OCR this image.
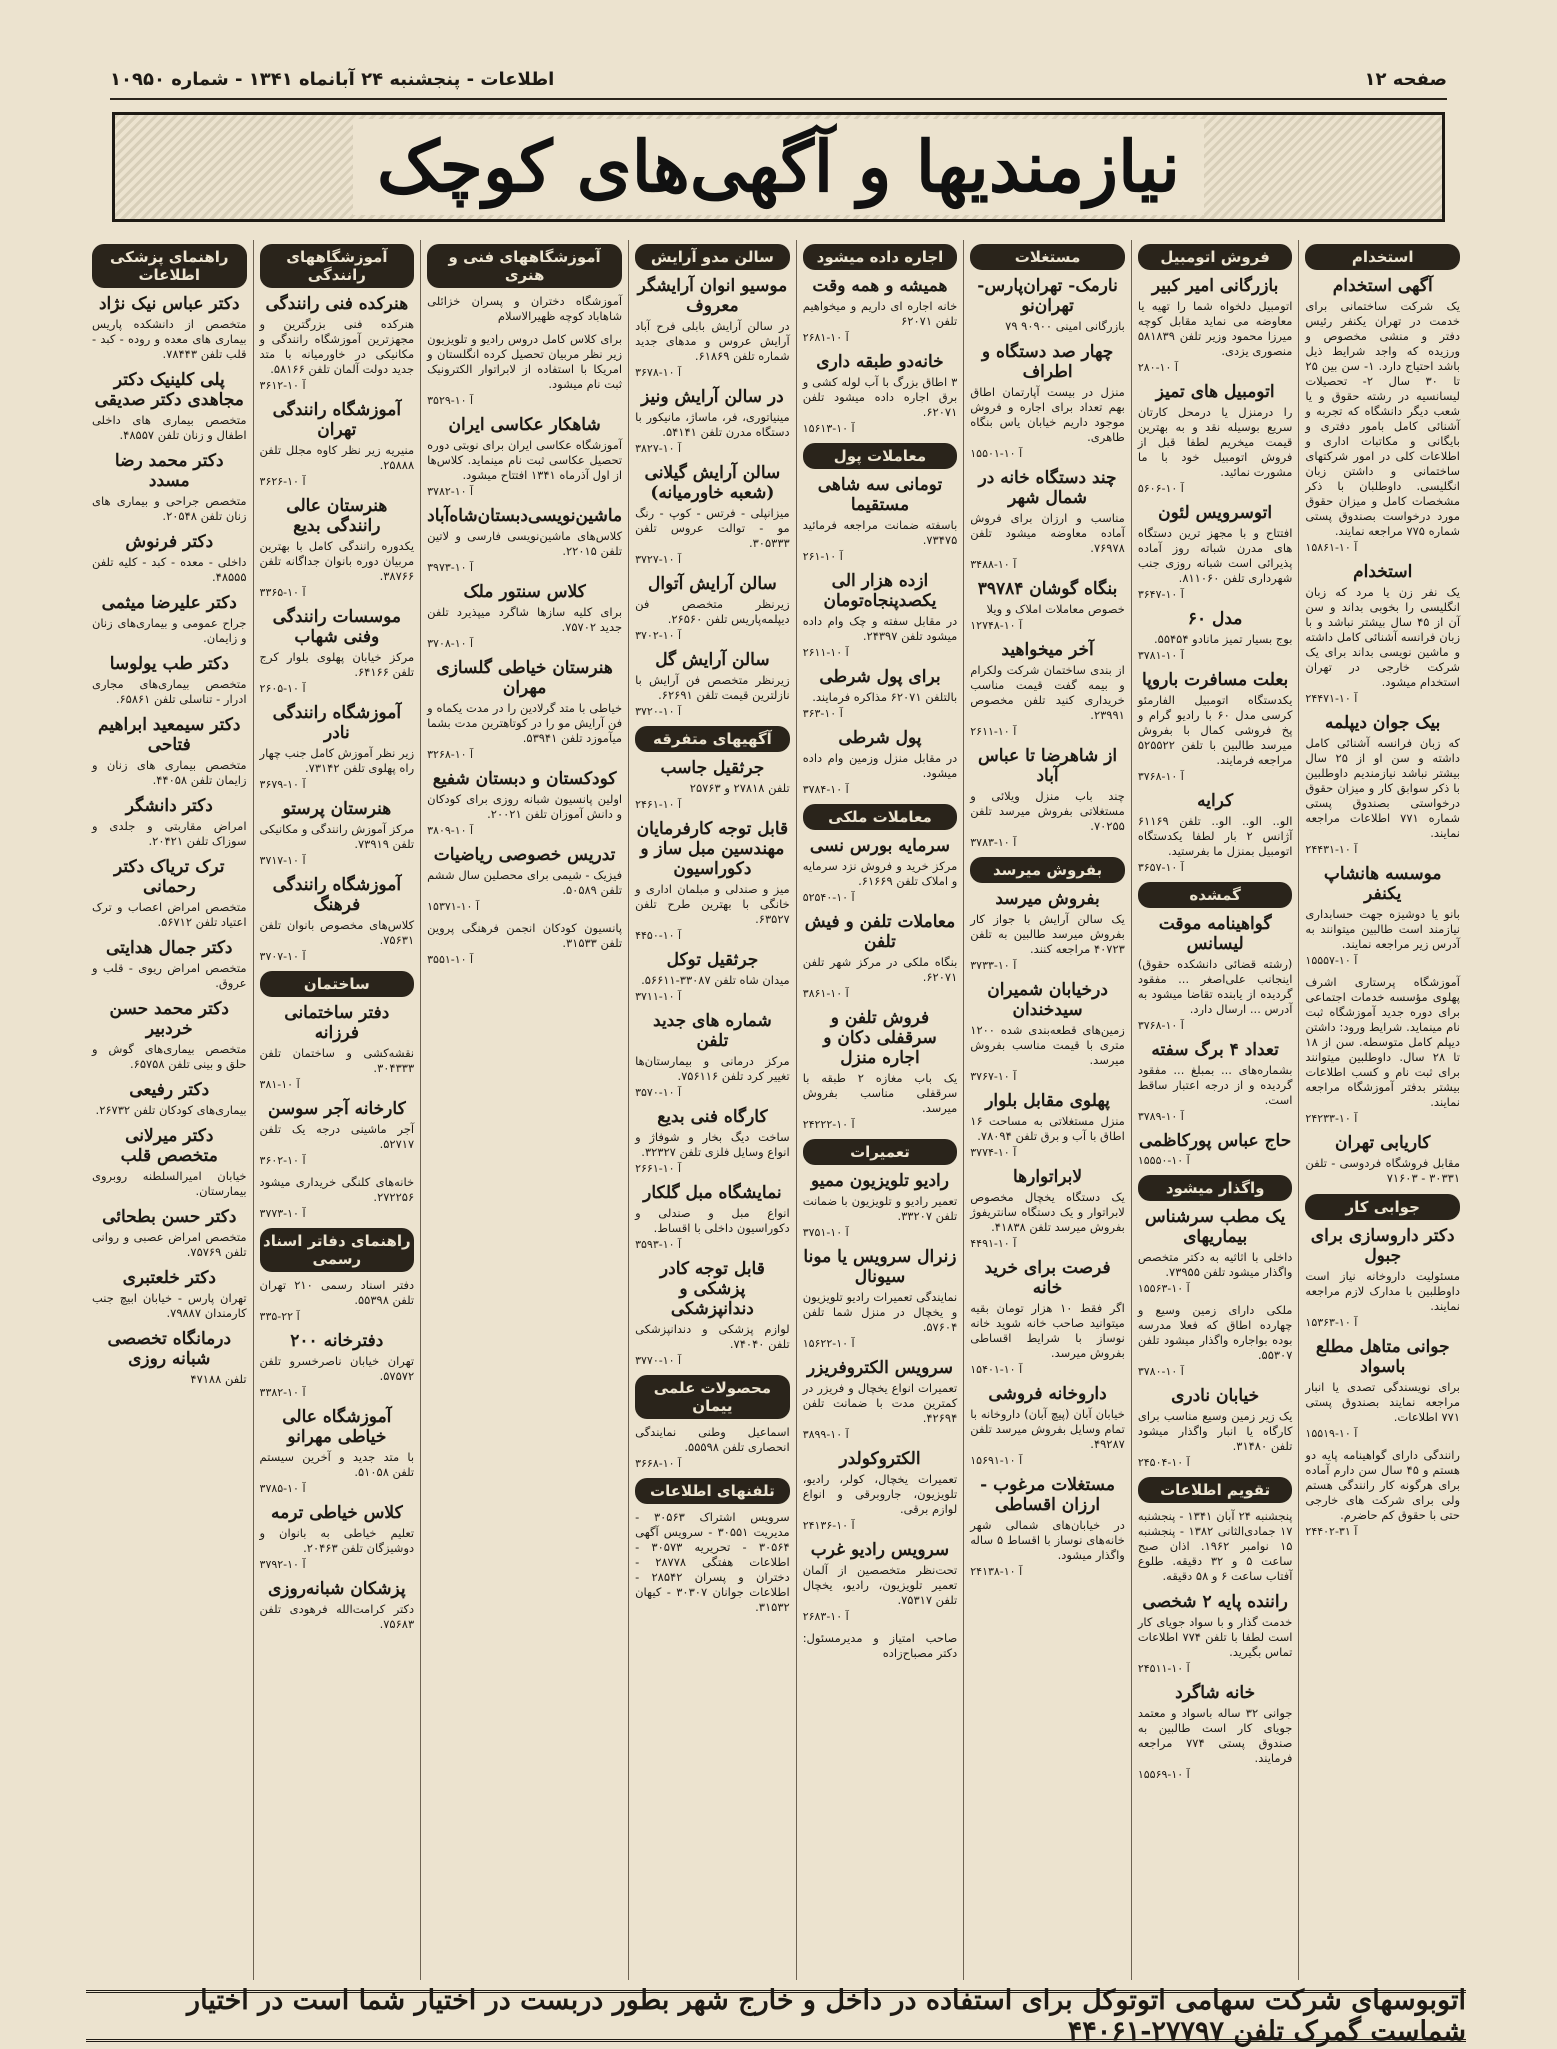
صفحه ۱۲
اطلاعات - پنجشنبه ۲۴ آبانماه ۱۳۴۱ - شماره ۱۰۹۵۰
نیازمندیها و آگهی‌های کوچک
استخدام
آگهی استخدام

یک شرکت ساختمانی برای خدمت در تهران یکنفر رئیس دفتر و منشی مخصوص و ورزیده که واجد شرایط ذیل باشد احتیاج دارد. ۱- سن بین ۲۵ تا ۳۰ سال ۲- تحصیلات لیسانسیه در رشته حقوق و یا شعب دیگر دانشگاه که تجربه و آشنائی کامل بامور دفتری و بایگانی و مکاتبات اداری و اطلاعات کلی در امور شرکتهای ساختمانی و داشتن زبان انگلیسی. داوطلبان با ذکر مشخصات کامل و میزان حقوق مورد درخواست بصندوق پستی شماره ۷۷۵ مراجعه نمایند.

۱۵۸۶۱-۱۰ آ
استخدام

یک نفر زن یا مرد که زبان انگلیسی را بخوبی بداند و سن آن از ۴۵ سال بیشتر نباشد و با زبان فرانسه آشنائی کامل داشته و ماشین نویسی بداند برای یک شرکت خارجی در تهران استخدام میشود.

۲۴۴۷۱-۱۰ آ
بیک جوان دیپلمه

که زبان فرانسه آشنائی کامل داشته و سن او از ۲۵ سال بیشتر نباشد نیازمندیم داوطلبین با ذکر سوابق کار و میزان حقوق درخواستی بصندوق پستی شماره ۷۷۱ اطلاعات مراجعه نمایند.

۲۴۴۳۱-۱۰ آ
موسسه هانشاپ یکنفر

بانو یا دوشیزه جهت حسابداری نیازمند است طالبین میتوانند به آدرس زیر مراجعه نمایند.

۱۵۵۵۷-۱۰ آ

آموزشگاه پرستاری اشرف پهلوی مؤسسه خدمات اجتماعی برای دوره جدید آموزشگاه ثبت نام مینماید. شرایط ورود: داشتن دیپلم کامل متوسطه. سن از ۱۸ تا ۲۸ سال. داوطلبین میتوانند برای ثبت نام و کسب اطلاعات بیشتر بدفتر آموزشگاه مراجعه نمایند.

۲۴۲۳۳-۱۰ آ
کاریابی تهران

مقابل فروشگاه فردوسی - تلفن ۳۰۳۳۱ - ۷۱۶۰۳

جوابی کار
دکتر داروسازی برای جبول

مسئولیت داروخانه نیاز است داوطلبین با مدارک لازم مراجعه نمایند.

۱۵۳۶۳-۱۰ آ
جوانی متاهل مطلع باسواد

برای نویسندگی تصدی یا انبار مراجعه نمایند بصندوق پستی ۷۷۱ اطلاعات.

۱۵۵۱۹-۱۰ آ

رانندگی دارای گواهینامه پایه دو هستم و ۴۵ سال سن دارم آماده برای هرگونه کار رانندگی هستم ولی برای شرکت های خارجی حتی با حقوق کم حاضرم.

۲۴۴۰۲-۳۱ آ
فروش اتومبیل
بازرگانی امیر کبیر

اتومبیل دلخواه شما را تهیه یا معاوضه می نماید مقابل کوچه میرزا محمود وزیر تلفن ۵۸۱۸۳۹ منصوری یزدی.

۲۸۰-۱۰ آ
اتومبیل های تمیز

را درمنزل یا درمحل کارتان سریع بوسیله نقد و به بهترین قیمت میخریم لطفا قبل از فروش اتومبیل خود با ما مشورت نمائید.

۵۶۰۶-۱۰ آ
اتوسرویس لئون

افتتاح و با مجهز ترین دستگاه های مدرن شباته روز آماده پذیرائی است شبانه روزی جنب شهرداری تلفن ۸۱۱۰۶۰.

۳۶۴۷-۱۰ آ
مدل ۶۰

بوج بسیار تمیز مانادو ۵۵۴۵۴.

۳۷۸۱-۱۰ آ
بعلت مسافرت باروپا

یکدستگاه اتومبیل الفارمئو کرسی مدل ۶۰ با رادیو گرام و پخ فروشی کمال با بفروش میرسد طالبین با تلفن ۵۲۵۵۲۲ مراجعه فرمایند.

۳۷۶۸-۱۰ آ
کرایه

الو.. الو.. الو.. تلفن ۶۱۱۶۹ آژانس ۲ بار لطفا یکدستگاه اتومبیل بمنزل ما بفرستید.

۳۶۵۷-۱۰ آ
گمشده
گواهینامه موقت لیسانس

(رشته قضائی دانشکده حقوق) اینجانب علی‌اصغر ... مفقود گردیده از یابنده تقاضا میشود به آدرس ... ارسال دارد.

۳۷۶۸-۱۰ آ
تعداد ۴ برگ سفته

بشماره‌های ... بمبلغ ... مفقود گردیده و از درجه اعتبار ساقط است.

۳۷۸۹-۱۰ آ
حاج عباس پورکاظمی
۱۵۵۵۰-۱۰ آ
واگذار میشود
یک مطب سرشناس بیماریهای

داخلی با اثاثیه به دکتر متخصص واگذار میشود تلفن ۷۳۹۵۵.

۱۵۵۶۳-۱۰ آ

ملکی دارای زمین وسیع و چهارده اطاق که فعلا مدرسه بوده بواجاره واگذار میشود تلفن ۵۵۳۰۷.

۳۷۸۰-۱۰ آ
خیابان نادری

یک زیر زمین وسیع مناسب برای کارگاه یا انبار واگذار میشود تلفن ۳۱۴۸۰.

۲۴۵۰۴-۱۰ آ
تقویم اطلاعات

پنجشنبه ۲۴ آبان ۱۳۴۱ - پنجشنبه ۱۷ جمادی‌الثانی ۱۳۸۲ - پنجشنبه ۱۵ نوامبر ۱۹۶۲. اذان صبح ساعت ۵ و ۳۲ دقیقه. طلوع آفتاب ساعت ۶ و ۵۸ دقیقه.

راننده پایه ۲ شخصی

خدمت گذار و با سواد جویای کار است لطفا با تلفن ۷۷۴ اطلاعات تماس بگیرید.

۲۴۵۱۱-۱۰ آ
خانه شاگرد

جوانی ۳۲ ساله باسواد و معتمد جویای کار است طالبین به صندوق پستی ۷۷۴ مراجعه فرمایند.

۱۵۵۶۹-۱۰ آ
مستغلات
نارمک- تهران‌پارس- تهران‌نو

بازرگانی امینی ۹۰۹۰۰ ۷۹

چهار صد دستگاه و اطراف

منزل در بیست آپارتمان اطاق بهم تعداد برای اجاره و فروش موجود داریم خیابان یاس بنگاه طاهری.

۱۵۵۰۱-۱۰ آ
چند دستگاه خانه در شمال شهر

مناسب و ارزان برای فروش آماده معاوضه میشود تلفن ۷۶۹۷۸.

۳۴۸۸-۱۰ آ
بنگاه گوشان ۳۹۷۸۴

خصوص معاملات املاک و ویلا

۱۲۷۴۸-۱۰ آ
آخر میخواهید

از بندی ساختمان شرکت ولکرام و بیمه گفت قیمت مناسب خریداری کنید تلفن مخصوص ۲۳۹۹۱.

۲۶۱۱-۱۰ آ
از شاهرضا تا عباس آباد

چند باب منزل ویلائی و مستغلاتی بفروش میرسد تلفن ۷۰۲۵۵.

۳۷۸۳-۱۰ آ
بفروش میرسد
بفروش میرسد

یک سالن آرایش با جواز کار بفروش میرسد طالبین به تلفن ۴۰۷۲۳ مراجعه کنند.

۳۷۳۳-۱۰ آ
درخیابان شمیران سیدخندان

زمین‌های قطعه‌بندی شده ۱۲۰۰ متری با قیمت مناسب بفروش میرسد.

۳۷۶۷-۱۰ آ
پهلوی مقابل بلوار

منزل مستغلاتی به مساحت ۱۶ اطاق با آب و برق تلفن ۷۸۰۹۴.

۳۷۷۴-۱۰ آ
لابراتوارها

یک دستگاه یخچال مخصوص لابراتوار و یک دستگاه سانتریفوژ بفروش میرسد تلفن ۴۱۸۳۸.

۴۴۹۱-۱۰ آ
فرصت برای خرید خانه

اگر فقط ۱۰ هزار تومان بقیه میتوانید صاحب خانه شوید خانه نوساز با شرایط اقساطی بفروش میرسد.

۱۵۴۰۱-۱۰ آ
داروخانه فروشی

خیابان آبان (پیچ آبان) داروخانه با تمام وسایل بفروش میرسد تلفن ۴۹۲۸۷.

۱۵۶۹۱-۱۰ آ
مستغلات مرغوب - ارزان اقساطی

در خیابان‌های شمالی شهر خانه‌های نوساز با اقساط ۵ ساله واگذار میشود.

۲۴۱۳۸-۱۰ آ
اجاره داده میشود
همیشه و همه وقت

خانه اجاره ای داریم و میخواهیم تلفن ۶۲۰۷۱

۲۶۸۱-۱۰ آ
خانه‌دو طبقه داری

۳ اطاق بزرگ با آب لوله کشی و برق اجاره داده میشود تلفن ۶۲۰۷۱.

۱۵۶۱۳-۱۰ آ
معاملات پول
تومانی سه شاهی مستقیما

باسفته ضمانت مراجعه فرمائید ۷۳۴۷۵.

۲۶۱-۱۰ آ
ازده هزار الی یکصدپنجاه‌تومان

در مقابل سفته و چک وام داده میشود تلفن ۲۴۳۹۷.

۲۶۱۱-۱۰ آ
برای پول شرطی

بالتلفن ۶۲۰۷۱ مذاکره فرمایند.

۳۶۳-۱۰ آ
پول شرطی

در مقابل منزل وزمین وام داده میشود.

۳۷۸۴-۱۰ آ
معاملات ملکی
سرمایه بورس نسی

مرکز خرید و فروش نزد سرمایه و املاک تلفن ۶۱۶۶۹.

۵۲۵۴۰-۱۰ آ
معاملات تلفن و فیش تلفن

بنگاه ملکی در مرکز شهر تلفن ۶۲۰۷۱.

۳۸۶۱-۱۰ آ
فروش تلفن و سرقفلی دکان و اجاره منزل

یک باب مغازه ۲ طبقه با سرقفلی مناسب بفروش میرسد.

۲۴۲۲۲-۱۰ آ
تعمیرات
رادیو تلویزیون ممیو

تعمیر رادیو و تلویزیون با ضمانت تلفن ۳۳۲۰۷.

۳۷۵۱-۱۰ آ
زنرال سرویس یا مونا سیونال

نمایندگی تعمیرات رادیو تلویزیون و یخچال در منزل شما تلفن ۵۷۶۰۴.

۱۵۶۲۲-۱۰ آ
سرویس الکتروفریزر

تعمیرات انواع یخچال و فریزر در کمترین مدت با ضمانت تلفن ۴۲۶۹۴.

۳۸۹۹-۱۰ آ
الکتروکولدر

تعمیرات یخچال، کولر، رادیو، تلویزیون، جاروبرقی و انواع لوازم برقی.

۲۴۱۳۶-۱۰ آ
سرویس رادیو غرب

تحت‌نظر متخصصین از آلمان تعمیر تلویزیون، رادیو، یخچال تلفن ۷۵۳۱۷.

۲۶۸۳-۱۰ آ

صاحب امتیاز و مدیرمسئول: دکتر مصباح‌زاده

سالن مدو آرایش
موسیو انوان آرایشگر معروف

در سالن آرایش بابلی فرح آباد آرایش عروس و مدهای جدید شماره تلفن ۶۱۸۶۹.

۳۶۷۸-۱۰ آ
در سالن آرایش ونیز

مینیاتوری، فر، ماساژ، مانیکور با دستگاه مدرن تلفن ۵۴۱۴۱.

۳۸۲۷-۱۰ آ
سالن آرایش گیلانی (شعبه خاورمیانه)

میزانپلی - فرتس - کوپ - رنگ مو - توالت عروس تلفن ۳۰۵۳۳۳.

۳۷۲۷-۱۰ آ
سالن آرایش آتوال

زیرنظر متخصص فن دیپلمه‌پاریس تلفن ۲۶۵۶۰.

۳۷۰۲-۱۰ آ
سالن آرایش گل

زیرنظر متخصص فن آرایش با نازلترین قیمت تلفن ۶۲۶۹۱.

۳۷۲۰-۱۰ آ
آگهیهای متفرقه
جرثقیل جاسب

تلفن ۲۷۸۱۸ و ۲۵۷۶۳

۲۴۶۱-۱۰ آ
قابل توجه کارفرمایان مهندسین مبل ساز و دکوراسیون

میز و صندلی و مبلمان اداری و خانگی با بهترین طرح تلفن ۶۳۵۲۷.

۴۴۵۰-۱۰ آ
جرثقیل توکل

میدان شاه تلفن ۳۳۰۸۷-۵۶۶۱۱.

۳۷۱۱-۱۰ آ
شماره های جدید تلفن

مرکز درمانی و بیمارستان‌ها تغییر کرد تلفن ۷۵۶۱۱۶.

۳۵۷۰-۱۰ آ
کارگاه فنی بدیع

ساخت دیگ بخار و شوفاژ و انواع وسایل فلزی تلفن ۳۲۳۲۷.

۲۶۶۱-۱۰ آ
نمایشگاه مبل گلکار

انواع مبل و صندلی و دکوراسیون داخلی با اقساط.

۳۵۹۳-۱۰ آ
قابل توجه کادر پزشکی و دندانپزشکی

لوازم پزشکی و دندانپزشکی تلفن ۷۴۰۴۰.

۳۷۷۰-۱۰ آ
محصولات علمی ییمان

اسماعیل وطنی نمایندگی انحصاری تلفن ۵۵۵۹۸.

۳۶۶۸-۱۰ آ
تلفنهای اطلاعات

سرویس اشتراک ۳۰۵۶۳ - مدیریت ۳۰۵۵۱ - سرویس آگهی ۳۰۵۶۴ - تحریریه ۳۰۵۷۳ - اطلاعات هفتگی ۲۸۷۷۸ - دختران و پسران ۲۸۵۴۲ - اطلاعات جوانان ۳۰۳۰۷ - کیهان ۳۱۵۳۲.

آموزشگاههای فنی و هنری

آموزشگاه دختران و پسران خزائلی شاهاباد کوچه ظهیرالاسلام

برای کلاس کامل دروس رادیو و تلویزیون زیر نظر مربیان تحصیل کرده انگلستان و امریکا با استفاده از لابراتوار الکترونیک ثبت نام میشود.

۳۵۲۹-۱۰ آ
شاهکار عکاسی ایران

آموزشگاه عکاسی ایران برای نوبتی دوره تحصیل عکاسی ثبت نام مینماید. کلاس‌ها از اول آذرماه ۱۳۴۱ افتتاح میشود.

۳۷۸۲-۱۰ آ
ماشین‌نویسی‌دبستان‌شاه‌آباد

کلاس‌های ماشین‌نویسی فارسی و لاتین تلفن ۲۲۰۱۵.

۳۹۷۳-۱۰ آ
کلاس سنتور ملک

برای کلیه سازها شاگرد میپذیرد تلفن جدید ۷۵۷۰۲.

۳۷۰۸-۱۰ آ
هنرستان خیاطی گلسازی مهران

خیاطی با متد گرلادین را در مدت یکماه و فن آرایش مو را در کوتاهترین مدت بشما میآموزد تلفن ۵۳۹۴۱.

۳۲۶۸-۱۰ آ
کودکستان و دبستان شفیع

اولین پانسیون شبانه روزی برای کودکان و دانش آموزان تلفن ۲۰۰۲۱.

۳۸۰۹-۱۰ آ
تدریس خصوصی ریاضیات

فیزیک - شیمی برای محصلین سال ششم تلفن ۵۰۵۸۹.

۱۵۳۷۱-۱۰ آ

پانسیون کودکان انجمن فرهنگی پروین تلفن ۳۱۵۳۳.

۳۵۵۱-۱۰ آ
آموزشگاههای رانندگی
هنرکده فنی رانندگی

هنرکده فنی بزرگترین و مجهزترین آموزشگاه رانندگی و مکانیکی در خاورمیانه با متد جدید دولت آلمان تلفن ۵۸۱۶۶.

۳۶۱۲-۱۰ آ
آموزشگاه رانندگی تهران

منیریه زیر نظر کاوه مجلل تلفن ۲۵۸۸۸.

۳۶۲۶-۱۰ آ
هنرستان عالی رانندگی بدیع

یکدوره رانندگی کامل با بهترین مربیان دوره بانوان جداگانه تلفن ۳۸۷۶۶.

۳۳۶۵-۱۰ آ
موسسات رانندگی وفنی شهاب

مرکز خیابان پهلوی بلوار کرج تلفن ۶۴۱۶۶.

۲۶۰۵-۱۰ آ
آموزشگاه رانندگی نادر

زیر نظر آموزش کامل جنب چهار راه پهلوی تلفن ۷۳۱۴۲.

۳۶۷۹-۱۰ آ
هنرستان پرستو

مرکز آموزش رانندگی و مکانیکی تلفن ۷۳۹۱۹.

۳۷۱۷-۱۰ آ
آموزشگاه رانندگی فرهنگ

کلاس‌های مخصوص بانوان تلفن ۷۵۶۳۱.

۳۷۰۷-۱۰ آ
ساختمان
دفتر ساختمانی فرزانه

نقشه‌کشی و ساختمان تلفن ۳۰۴۳۳۳.

۳۸۱-۱۰ آ
کارخانه آجر سوسن

آجر ماشینی درجه یک تلفن ۵۲۷۱۷.

۳۶۰۲-۱۰ آ

خانه‌های کلنگی خریداری میشود ۲۷۲۲۵۶.

۳۷۷۳-۱۰ آ
راهنمای دفاتر اسناد رسمی

دفتر اسناد رسمی ۲۱۰ تهران تلفن ۵۵۳۹۸.

۳۳۵-۲۲ آ
دفترخانه ۲۰۰

تهران خیابان ناصرخسرو تلفن ۵۷۵۷۲.

۳۳۸۲-۱۰ آ
آموزشگاه عالی خیاطی مهرانو

با متد جدید و آخرین سیستم تلفن ۵۱۰۵۸.

۳۷۸۵-۱۰ آ
کلاس خیاطی ترمه

تعلیم خیاطی به بانوان و دوشیزگان تلفن ۲۰۴۶۳.

۳۷۹۲-۱۰ آ
پزشکان شبانه‌روزی

دکتر کرامت‌الله فرهودی تلفن ۷۵۶۸۳.

راهنمای پزشکی اطلاعات
دکتر عباس نیک نژاد

متخصص از دانشکده پاریس بیماری های معده و روده - کبد - قلب تلفن ۷۸۴۴۳.

پلی کلینیک دکتر مجاهدی دکتر صدیقی

متخصص بیماری های داخلی اطفال و زنان تلفن ۴۸۵۵۷.

دکتر محمد رضا مسدد

متخصص جراحی و بیماری های زنان تلفن ۲۰۵۴۸.

دکتر فرنوش

داخلی - معده - کبد - کلیه تلفن ۴۸۵۵۵.

دکتر علیرضا میثمی

جراح عمومی و بیماری‌های زنان و زایمان.

دکتر طب یولوسا

متخصص بیماری‌های مجاری ادرار - تناسلی تلفن ۶۵۸۶۱.

دکتر سیمعید ابراهیم فتاحی

متخصص بیماری های زنان و زایمان تلفن ۴۴۰۵۸.

دکتر دانشگر

امراض مقاربتی و جلدی و سوزاک تلفن ۲۰۴۲۱.

ترک تریاک دکتر رحمانی

متخصص امراض اعصاب و ترک اعتیاد تلفن ۵۶۷۱۲.

دکتر جمال هدایتی

متخصص امراض ریوی - قلب و عروق.

دکتر محمد حسن خردبیر

متخصص بیماری‌های گوش و حلق و بینی تلفن ۶۵۷۵۸.

دکتر رفیعی

بیماری‌های کودکان تلفن ۲۶۷۳۲.

دکتر میرلانی متخصص قلب

خیابان امیرالسلطنه روبروی بیمارستان.

دکتر حسن بطحائی

متخصص امراض عصبی و روانی تلفن ۷۵۷۶۹.

دکتر خلعتبری

تهران پارس - خیابان ابیچ جنب کارمندان ۷۹۸۸۷.

درمانگاه تخصصی شبانه روزی

تلفن ۴۷۱۸۸

اتوبوسهای شرکت سهامی اتوتوکل برای استفاده در داخل و خارج شهر بطور دربست در اختیار شما است در اختیار شماست گمرک تلفن ۲۷۷۹۷-۴۴۰۶۱
